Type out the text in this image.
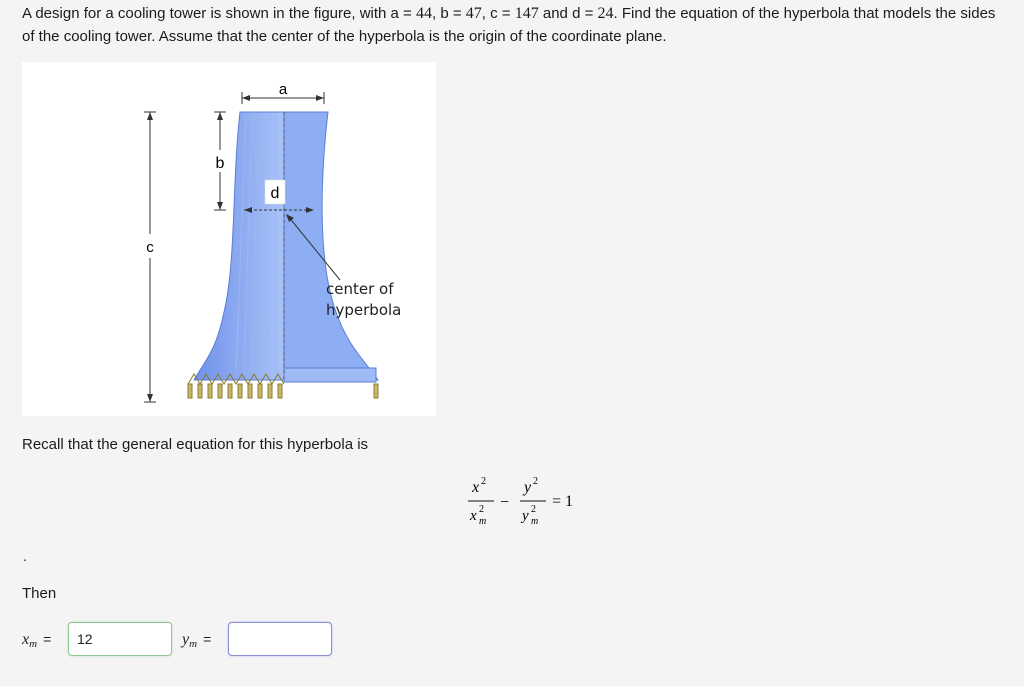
A design for a cooling tower is shown in the figure, with a = 44, b = 47, c = 147 and d = 24. Find the equation of the hyperbola that models the sides of the cooling tower. Assume that the center of the hyperbola is the origin of the coordinate plane.
a
b
d
c
center of
hyperbola
Recall that the general equation for this hyperbola is
x 2
x 2
m
−
y 2
y 2
m
= 1
.
Then
xm =
12	ym =
